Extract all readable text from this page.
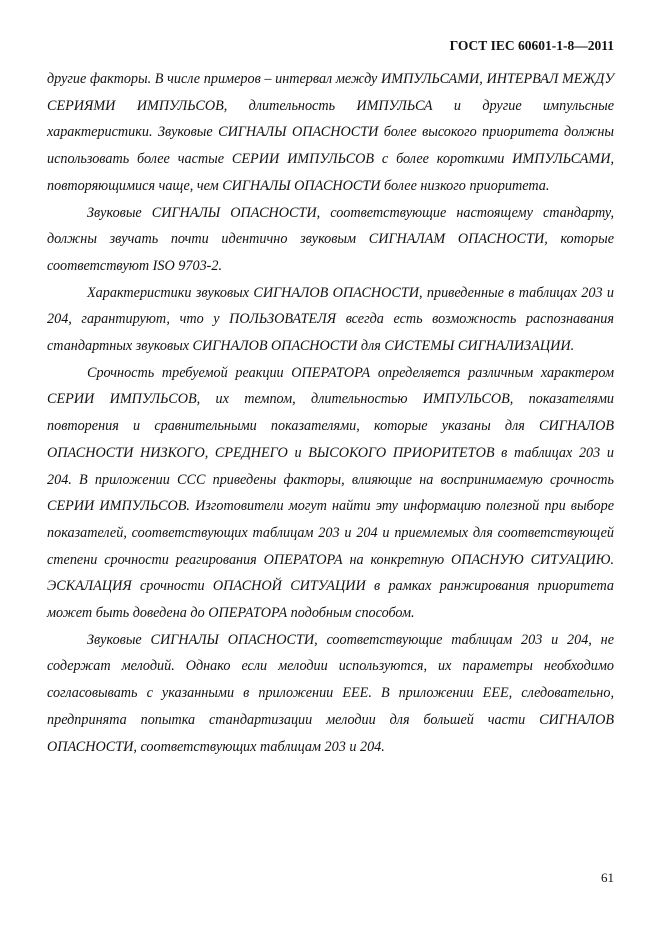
ГОСТ IEC 60601-1-8—2011

другие факторы. В числе примеров – интервал между ИМПУЛЬСАМИ, ИНТЕРВАЛ МЕЖДУ СЕРИЯМИ ИМПУЛЬСОВ, длительность ИМПУЛЬСА и другие импульсные характеристики. Звуковые СИГНАЛЫ ОПАСНОСТИ более высокого приоритета должны использовать более частые СЕРИИ ИМПУЛЬСОВ с более короткими ИМПУЛЬСАМИ, повторяющимися чаще, чем СИГНАЛЫ ОПАСНОСТИ более низкого приоритета.

Звуковые СИГНАЛЫ ОПАСНОСТИ, соответствующие настоящему стандарту, должны звучать почти идентично звуковым СИГНАЛАМ ОПАСНОСТИ, которые соответствуют ISO 9703-2.

Характеристики звуковых СИГНАЛОВ ОПАСНОСТИ, приведенные в таблицах 203 и 204, гарантируют, что у ПОЛЬЗОВАТЕЛЯ всегда есть возможность распознавания стандартных звуковых СИГНАЛОВ ОПАСНОСТИ для СИСТЕМЫ СИГНАЛИЗАЦИИ.

Срочность требуемой реакции ОПЕРАТОРА определяется различным характером СЕРИИ ИМПУЛЬСОВ, их темпом, длительностью ИМПУЛЬСОВ, показателями повторения и сравнительными показателями, которые указаны для СИГНАЛОВ ОПАСНОСТИ НИЗКОГО, СРЕДНЕГО и ВЫСОКОГО ПРИОРИТЕТОВ в таблицах 203 и 204. В приложении ССС приведены факторы, влияющие на воспринимаемую срочность СЕРИИ ИМПУЛЬСОВ. Изготовители могут найти эту информацию полезной при выборе показателей, соответствующих таблицам 203 и 204 и приемлемых для соответствующей степени срочности реагирования ОПЕРАТОРА на конкретную ОПАСНУЮ СИТУАЦИЮ. ЭСКАЛАЦИЯ срочности ОПАСНОЙ СИТУАЦИИ в рамках ранжирования приоритета может быть доведена до ОПЕРАТОРА подобным способом.

Звуковые СИГНАЛЫ ОПАСНОСТИ, соответствующие таблицам 203 и 204, не содержат мелодий. Однако если мелодии используются, их параметры необходимо согласовывать с указанными в приложении ЕЕЕ. В приложении ЕЕЕ, следовательно, предпринята попытка стандартизации мелодии для большей части СИГНАЛОВ ОПАСНОСТИ, соответствующих таблицам 203 и 204.

61
